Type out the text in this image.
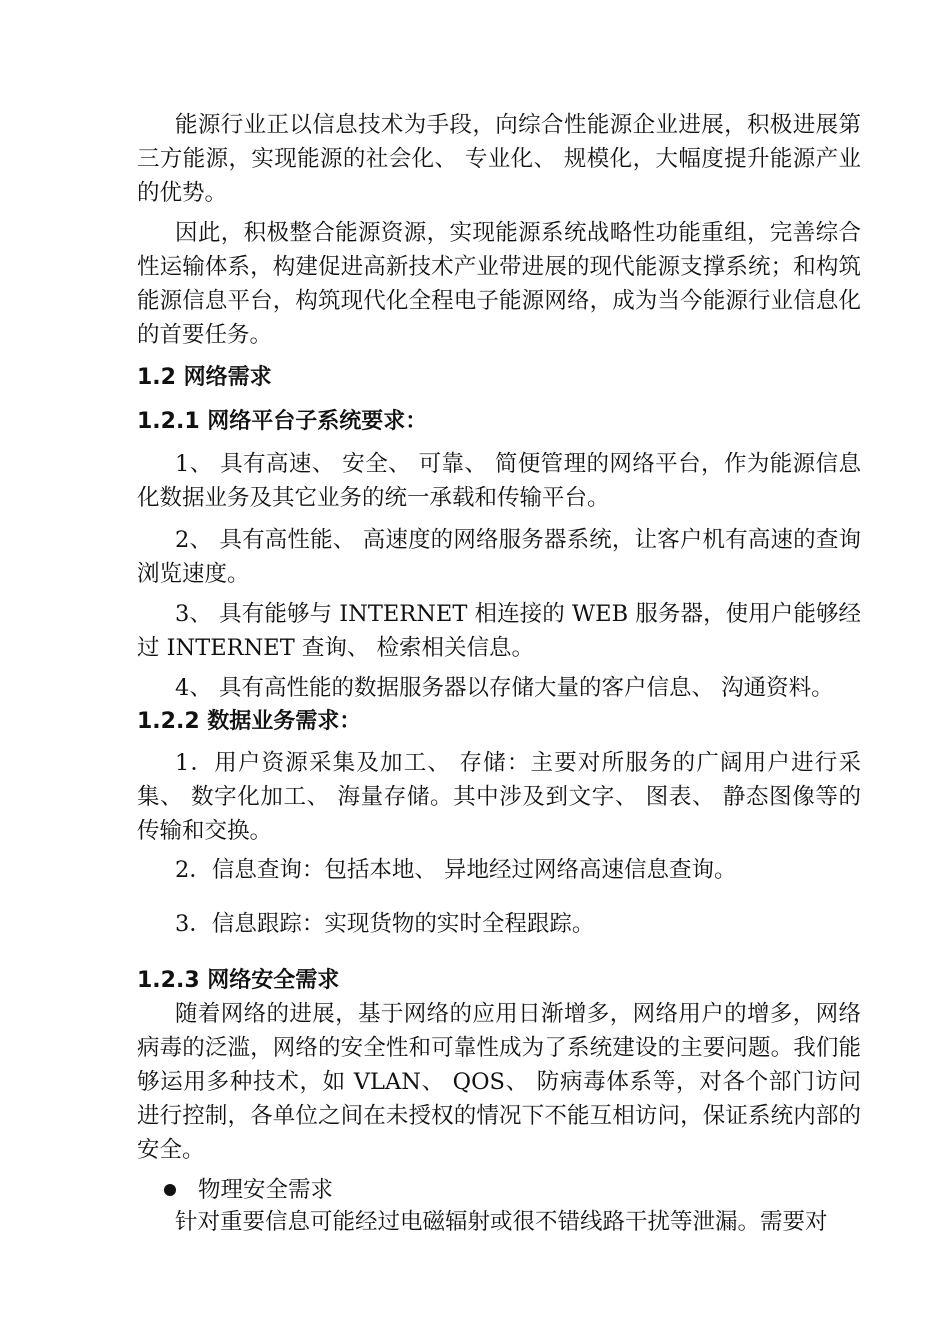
能源行业正以信息技术为手段，向综合性能源企业进展，积极进展第三方能源，实现能源的社会化、 专业化、 规模化，大幅度提升能源产业的优势。

因此，积极整合能源资源，实现能源系统战略性功能重组，完善综合性运输体系，构建促进高新技术产业带进展的现代能源支撑系统；和构筑能源信息平台，构筑现代化全程电子能源网络，成为当今能源行业信息化的首要任务。

1.2 网络需求
1.2.1 网络平台子系统要求：

1、 具有高速、 安全、 可靠、 简便管理的网络平台，作为能源信息化数据业务及其它业务的统一承载和传输平台。

2、 具有高性能、 高速度的网络服务器系统，让客户机有高速的查询浏览速度。

3、 具有能够与 INTERNET 相连接的 WEB 服务器，使用户能够经过 INTERNET 查询、 检索相关信息。

4、 具有高性能的数据服务器以存储大量的客户信息、 沟通资料。

1.2.2 数据业务需求：

1．用户资源采集及加工、 存储：主要对所服务的广阔用户进行采集、 数字化加工、 海量存储。其中涉及到文字、 图表、 静态图像等的传输和交换。

2．信息查询：包括本地、 异地经过网络高速信息查询。

3．信息跟踪：实现货物的实时全程跟踪。

1.2.3 网络安全需求

随着网络的进展，基于网络的应用日渐增多，网络用户的增多，网络病毒的泛滥，网络的安全性和可靠性成为了系统建设的主要问题。我们能够运用多种技术，如 VLAN、 QOS、 防病毒体系等，对各个部门访问进行控制，各单位之间在未授权的情况下不能互相访问，保证系统内部的安全。

物理安全需求

针对重要信息可能经过电磁辐射或很不错线路干扰等泄漏。需要对
